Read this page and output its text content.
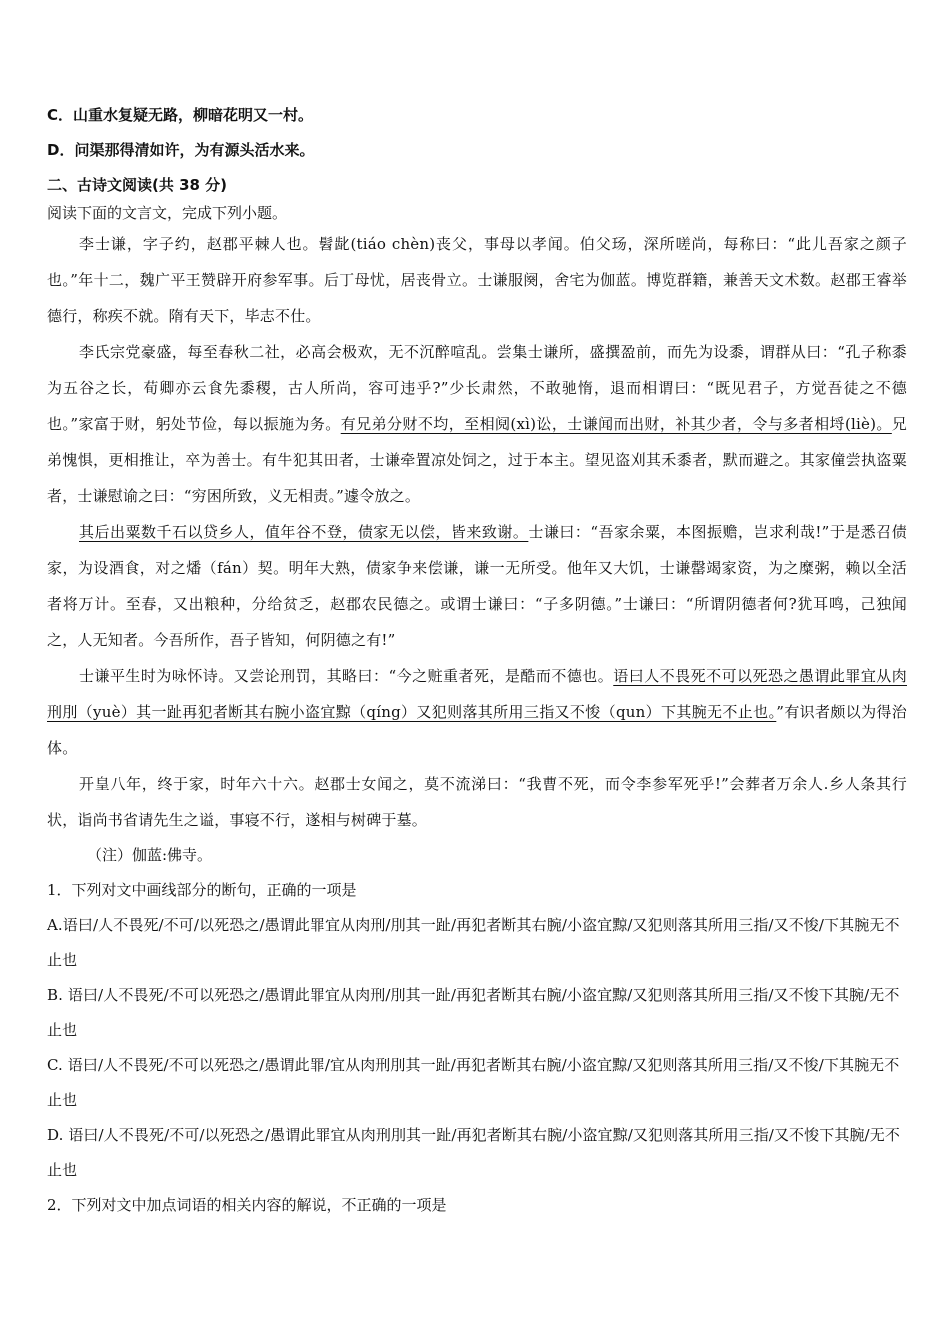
C．山重水复疑无路，柳暗花明又一村。

D．问渠那得清如许，为有源头活水来。

二、古诗文阅读(共 38 分)

阅读下面的文言文，完成下列小题。

李士谦，字子约，赵郡平棘人也。髫龀(tiáo chèn)丧父，事母以孝闻。伯父玚，深所嗟尚，每称曰：“此儿吾家之颜子也。”年十二，魏广平王赞辟开府参军事。后丁母忧，居丧骨立。士谦服阕，舍宅为伽蓝。博览群籍，兼善天文术数。赵郡王睿举德行，称疾不就。隋有天下，毕志不仕。

李氏宗党豪盛，每至春秋二社，必高会极欢，无不沉醉喧乱。尝集士谦所，盛撰盈前，而先为设黍，谓群从曰：“孔子称黍为五谷之长，荀卿亦云食先黍稷，古人所尚，容可违乎?”少长肃然，不敢驰惰，退而相谓曰：“既见君子，方觉吾徒之不德也。”家富于财，躬处节俭，每以振施为务。有兄弟分财不均，至相阋(xì)讼，士谦闻而出财，补其少者，令与多者相埒(liè)。兄弟愧惧，更相推让，卒为善士。有牛犯其田者，士谦牵置凉处饲之，过于本主。望见盗刈其禾黍者，默而避之。其家僮尝执盗粟者，士谦慰谕之曰：“穷困所致，义无相责。”遽令放之。

其后出粟数千石以贷乡人，值年谷不登，债家无以偿，皆来致谢。士谦曰：“吾家余粟，本图振赡，岂求利哉!”于是悉召债家，为设酒食，对之燔（fán）契。明年大熟，债家争来偿谦，谦一无所受。他年又大饥，士谦罄竭家资，为之糜粥，赖以全活者将万计。至春，又出粮种，分给贫乏，赵郡农民德之。或谓士谦曰：“子多阴德。”士谦曰：“所谓阴德者何?犹耳鸣，己独闻之，人无知者。今吾所作，吾子皆知，何阴德之有!”

士谦平生时为咏怀诗。又尝论刑罚，其略曰：“今之赃重者死，是酷而不德也。语曰人不畏死不可以死恐之愚谓此罪宜从肉刑刖（yuè）其一趾再犯者断其右腕小盗宜黥（qíng）又犯则落其所用三指又不悛（qun）下其腕无不止也。”有识者颇以为得治体。

开皇八年，终于家，时年六十六。赵郡士女闻之，莫不流涕曰：“我曹不死，而令李参军死乎!”会葬者万余人.乡人条其行状，诣尚书省请先生之谥，事寝不行，遂相与树碑于墓。

（注）伽蓝:佛寺。

1．下列对文中画线部分的断句，正确的一项是

A.语曰/人不畏死/不可/以死恐之/愚谓此罪宜从肉刑/刖其一趾/再犯者断其右腕/小盗宜黥/又犯则落其所用三指/又不悛/下其腕无不止也

B. 语曰/人不畏死/不可以死恐之/愚谓此罪宜从肉刑/刖其一趾/再犯者断其右腕/小盗宜黥/又犯则落其所用三指/又不悛下其腕/无不止也

C. 语曰/人不畏死/不可以死恐之/愚谓此罪/宜从肉刑刖其一趾/再犯者断其右腕/小盗宜黥/又犯则落其所用三指/又不悛/下其腕无不止也

D. 语曰/人不畏死/不可/以死恐之/愚谓此罪宜从肉刑刖其一趾/再犯者断其右腕/小盗宜黥/又犯则落其所用三指/又不悛下其腕/无不止也

2．下列对文中加点词语的相关内容的解说，不正确的一项是
